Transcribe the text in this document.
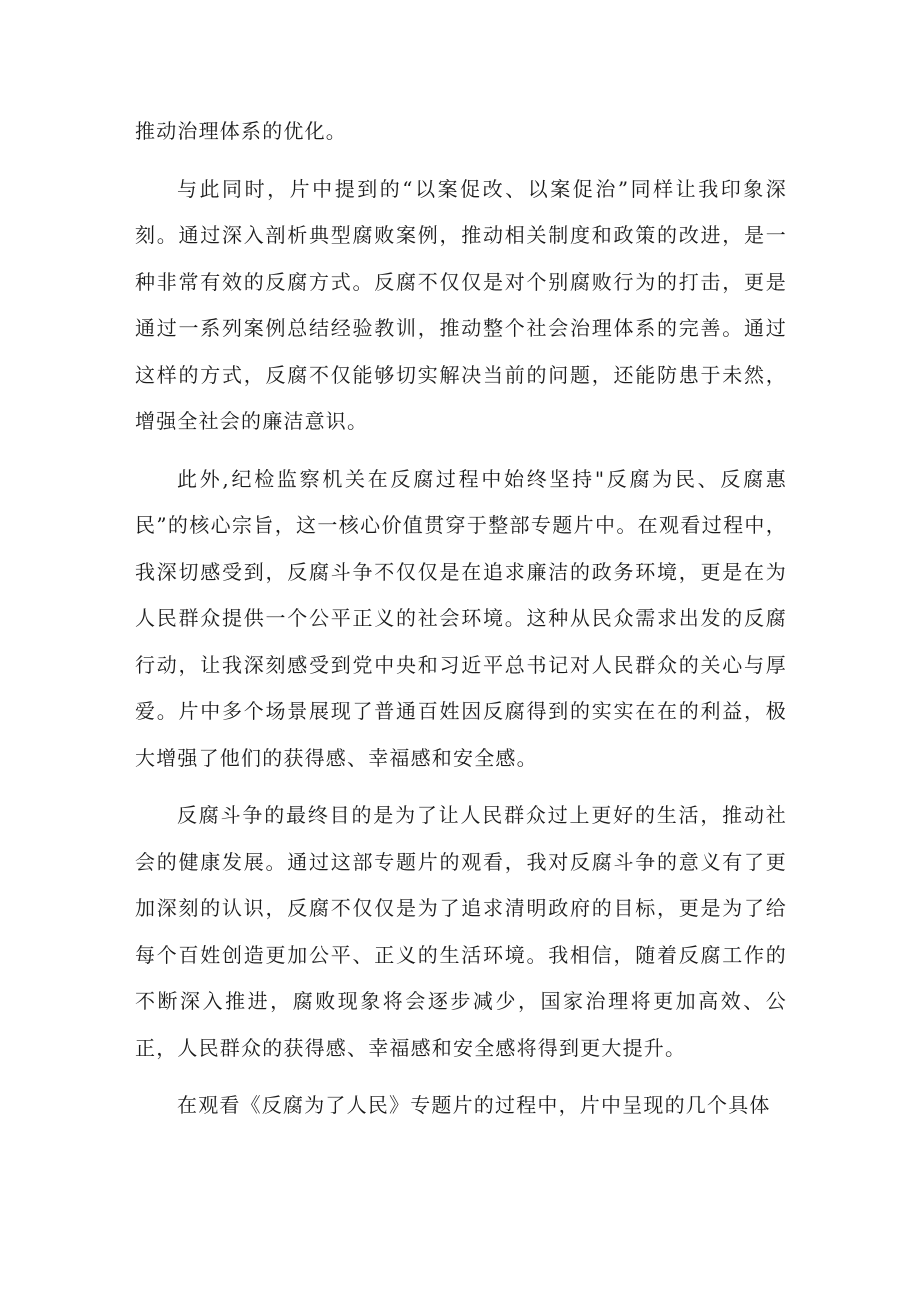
推动治理体系的优化。

与此同时，片中提到的“以案促改、以案促治”同样让我印象深刻。通过深入剖析典型腐败案例，推动相关制度和政策的改进，是一种非常有效的反腐方式。反腐不仅仅是对个别腐败行为的打击，更是通过一系列案例总结经验教训，推动整个社会治理体系的完善。通过这样的方式，反腐不仅能够切实解决当前的问题，还能防患于未然，增强全社会的廉洁意识。

此外,纪检监察机关在反腐过程中始终坚持"反腐为民、反腐惠民”的核心宗旨，这一核心价值贯穿于整部专题片中。在观看过程中，我深切感受到，反腐斗争不仅仅是在追求廉洁的政务环境，更是在为人民群众提供一个公平正义的社会环境。这种从民众需求出发的反腐行动，让我深刻感受到党中央和习近平总书记对人民群众的关心与厚爱。片中多个场景展现了普通百姓因反腐得到的实实在在的利益，极大增强了他们的获得感、幸福感和安全感。

反腐斗争的最终目的是为了让人民群众过上更好的生活，推动社会的健康发展。通过这部专题片的观看，我对反腐斗争的意义有了更加深刻的认识，反腐不仅仅是为了追求清明政府的目标，更是为了给每个百姓创造更加公平、正义的生活环境。我相信，随着反腐工作的不断深入推进，腐败现象将会逐步减少，国家治理将更加高效、公正，人民群众的获得感、幸福感和安全感将得到更大提升。

在观看《反腐为了人民》专题片的过程中，片中呈现的几个具体
